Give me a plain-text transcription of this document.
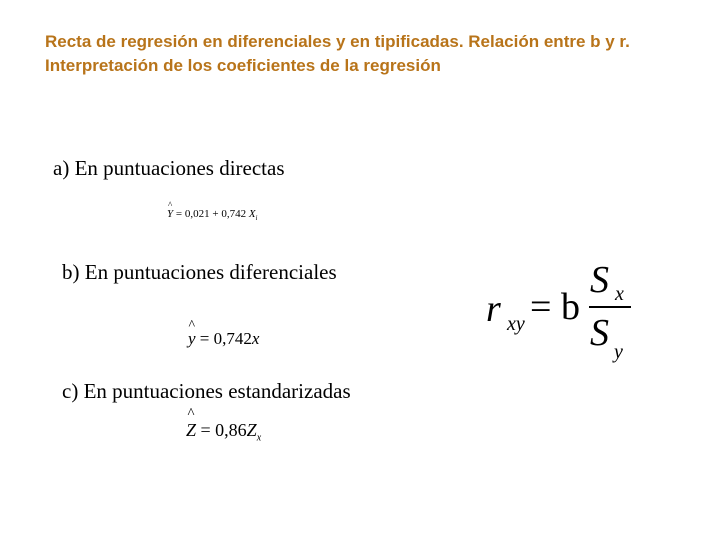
Recta de regresión en diferenciales y en tipificadas. Relación entre b y r. Interpretación de los coeficientes de la regresión
a) En puntuaciones directas
^ Y = 0,021 + 0,742 $X_i$
b) En puntuaciones diferenciales
^ y = 0,742x
c) En puntuaciones estandarizadas
^ $Z = 0,86Z_x$
r xy = b
S x
S y
